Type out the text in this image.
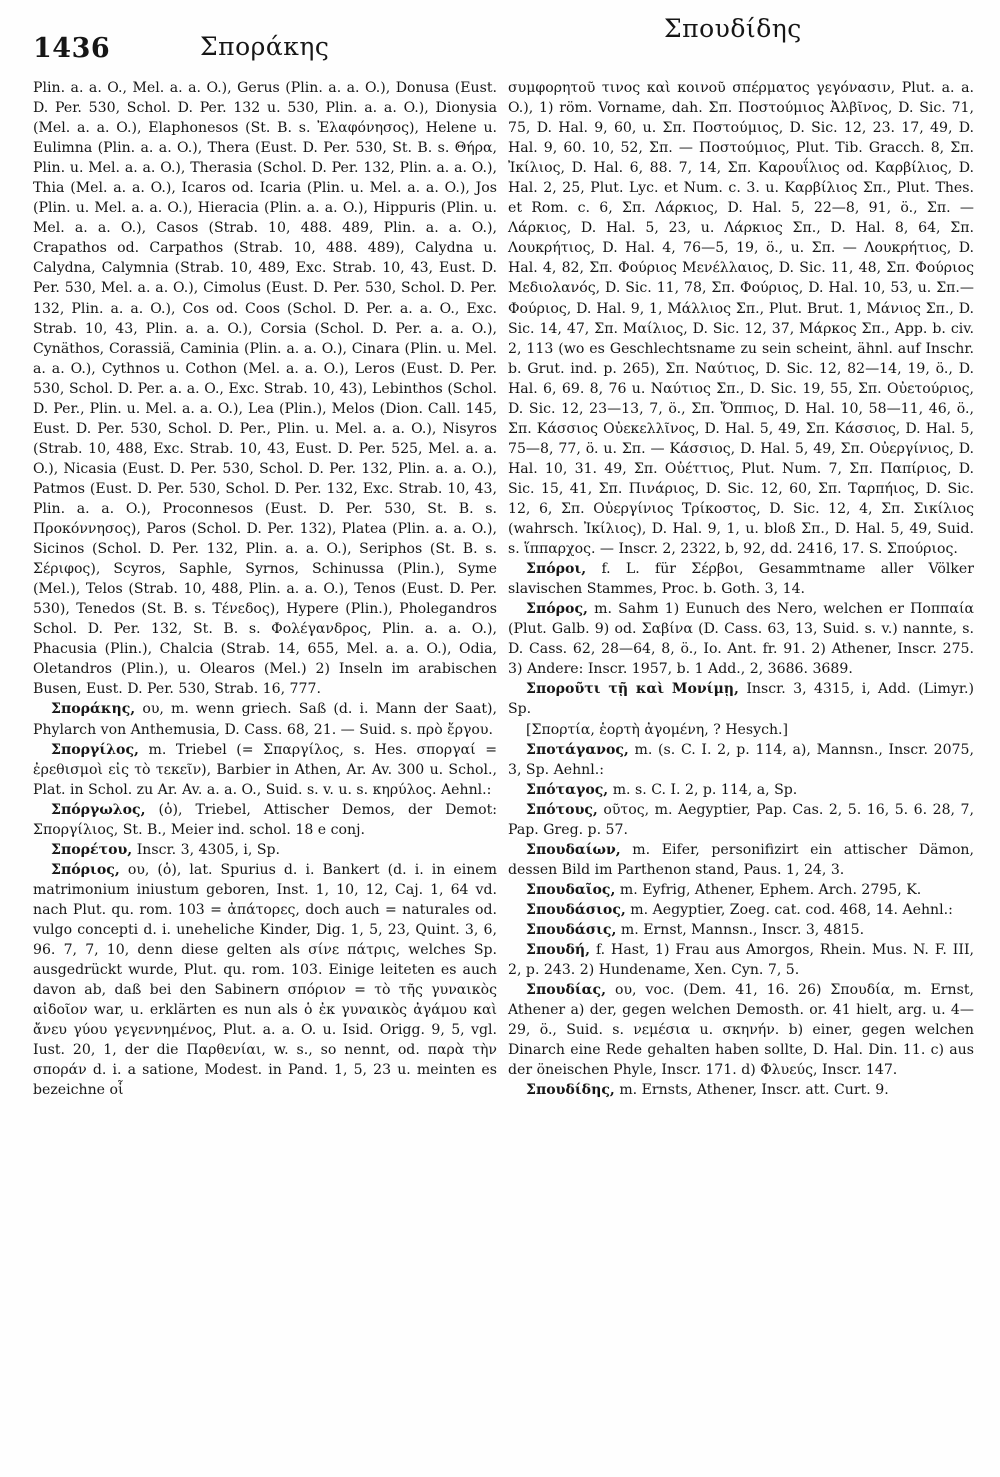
1436	Σποράκης
Σπουδίδης

Plin. a. a. O., Mel. a. a. O.), Gerus (Plin. a. a. O.), Donusa (Eust. D. Per. 530, Schol. D. Per. 132 u. 530, Plin. a. a. O.), Dionysia (Mel. a. a. O.), Elaphonesos (St. B. s. Ἐλαφόνησος), Helene u. Eulimna (Plin. a. a. O.), Thera (Eust. D. Per. 530, St. B. s. Θήρα, Plin. u. Mel. a. a. O.), Therasia (Schol. D. Per. 132, Plin. a. a. O.), Thia (Mel. a. a. O.), Icaros od. Icaria (Plin. u. Mel. a. a. O.), Jos (Plin. u. Mel. a. a. O.), Hieracia (Plin. a. a. O.), Hippuris (Plin. u. Mel. a. a. O.), Casos (Strab. 10, 488. 489, Plin. a. a. O.), Crapathos od. Carpathos (Strab. 10, 488. 489), Calydna u. Calydna, Calymnia (Strab. 10, 489, Exc. Strab. 10, 43, Eust. D. Per. 530, Mel. a. a. O.), Cimolus (Eust. D. Per. 530, Schol. D. Per. 132, Plin. a. a. O.), Cos od. Coos (Schol. D. Per. a. a. O., Exc. Strab. 10, 43, Plin. a. a. O.), Corsia (Schol. D. Per. a. a. O.), Cynäthos, Corassiä, Caminia (Plin. a. a. O.), Cinara (Plin. u. Mel. a. a. O.), Cythnos u. Cothon (Mel. a. a. O.), Leros (Eust. D. Per. 530, Schol. D. Per. a. a. O., Exc. Strab. 10, 43), Lebinthos (Schol. D. Per., Plin. u. Mel. a. a. O.), Lea (Plin.), Melos (Dion. Call. 145, Eust. D. Per. 530, Schol. D. Per., Plin. u. Mel. a. a. O.), Nisyros (Strab. 10, 488, Exc. Strab. 10, 43, Eust. D. Per. 525, Mel. a. a. O.), Nicasia (Eust. D. Per. 530, Schol. D. Per. 132, Plin. a. a. O.), Patmos (Eust. D. Per. 530, Schol. D. Per. 132, Exc. Strab. 10, 43, Plin. a. a. O.), Proconnesos (Eust. D. Per. 530, St. B. s. Προκόννησος), Paros (Schol. D. Per. 132), Platea (Plin. a. a. O.), Sicinos (Schol. D. Per. 132, Plin. a. a. O.), Seriphos (St. B. s. Σέριφος), Scyros, Saphle, Syrnos, Schinussa (Plin.), Syme (Mel.), Telos (Strab. 10, 488, Plin. a. a. O.), Tenos (Eust. D. Per. 530), Tenedos (St. B. s. Τένεδος), Hypere (Plin.), Pholegandros Schol. D. Per. 132, St. B. s. Φολέγανδρος, Plin. a. a. O.), Phacusia (Plin.), Chalcia (Strab. 14, 655, Mel. a. a. O.), Odia, Oletandros (Plin.), u. Olearos (Mel.) 2) Inseln im arabischen Busen, Eust. D. Per. 530, Strab. 16, 777.

Σποράκης, ου, m. wenn griech. Saß (d. i. Mann der Saat), Phylarch von Anthemusia, D. Cass. 68, 21. — Suid. s. πρὸ ἔργου.

Σποργίλος, m. Triebel (= Σπαργίλος, s. Hes. σποργαί = ἐρεθισμοὶ εἰς τὸ τεκεῖν), Barbier in Athen, Ar. Av. 300 u. Schol., Plat. in Schol. zu Ar. Av. a. a. O., Suid. s. v. u. s. κηρύλος. Aehnl.:

Σπόργωλος, (ὁ), Triebel, Attischer Demos, der Demot: Σποργίλιος, St. B., Meier ind. schol. 18 e conj.

Σπορέτου, Inscr. 3, 4305, i, Sp.

Σπόριος, ου, (ὁ), lat. Spurius d. i. Bankert (d. i. in einem matrimonium iniustum geboren, Inst. 1, 10, 12, Caj. 1, 64 vd. nach Plut. qu. rom. 103 = ἀπάτορες, doch auch = naturales od. vulgo concepti d. i. uneheliche Kinder, Dig. 1, 5, 23, Quint. 3, 6, 96. 7, 7, 10, denn diese gelten als σίνε πάτρις, welches Sp. ausgedrückt wurde, Plut. qu. rom. 103. Einige leiteten es auch davon ab, daß bei den Sabinern σπόριον = τὸ τῆς γυναικὸς αἰδοῖον war, u. erklärten es nun als ὁ ἐκ γυναικὸς ἀγάμου καὶ ἄνευ γύου γεγεννημένος, Plut. a. a. O. u. Isid. Origg. 9, 5, vgl. Iust. 20, 1, der die Παρθενίαι, w. s., so nennt, od. παρὰ τὴν σποράν d. i. a satione, Modest. in Pand. 1, 5, 23 u. meinten es bezeichne οἷ

συμφορητοῦ τινος καὶ κοινοῦ σπέρματος γεγόνασιν, Plut. a. a. O.), 1) röm. Vorname, dah. Σπ. Ποστούμιος Ἀλβῖνος, D. Sic. 71, 75, D. Hal. 9, 60, u. Σπ. Ποστούμιος, D. Sic. 12, 23. 17, 49, D. Hal. 9, 60. 10, 52, Σπ. — Ποστούμιος, Plut. Tib. Gracch. 8, Σπ. Ἰκίλιος, D. Hal. 6, 88. 7, 14, Σπ. Καρουΐλιος od. Καρβίλιος, D. Hal. 2, 25, Plut. Lyc. et Num. c. 3. u. Καρβίλιος Σπ., Plut. Thes. et Rom. c. 6, Σπ. Λάρκιος, D. Hal. 5, 22—8, 91, ö., Σπ. — Λάρκιος, D. Hal. 5, 23, u. Λάρκιος Σπ., D. Hal. 8, 64, Σπ. Λουκρήτιος, D. Hal. 4, 76—5, 19, ö., u. Σπ. — Λουκρήτιος, D. Hal. 4, 82, Σπ. Φούριος Μενέλλαιος, D. Sic. 11, 48, Σπ. Φούριος Μεδιολανός, D. Sic. 11, 78, Σπ. Φούριος, D. Hal. 10, 53, u. Σπ.—Φούριος, D. Hal. 9, 1, Μάλλιος Σπ., Plut. Brut. 1, Μάνιος Σπ., D. Sic. 14, 47, Σπ. Μαίλιος, D. Sic. 12, 37, Μάρκος Σπ., App. b. civ. 2, 113 (wo es Geschlechtsname zu sein scheint, ähnl. auf Inschr. b. Grut. ind. p. 265), Σπ. Ναύτιος, D. Sic. 12, 82—14, 19, ö., D. Hal. 6, 69. 8, 76 u. Ναύτιος Σπ., D. Sic. 19, 55, Σπ. Οὐετούριος, D. Sic. 12, 23—13, 7, ö., Σπ. Ὄππιος, D. Hal. 10, 58—11, 46, ö., Σπ. Κάσσιος Οὐεκελλῖνος, D. Hal. 5, 49, Σπ. Κάσσιος, D. Hal. 5, 75—8, 77, ö. u. Σπ. — Κάσσιος, D. Hal. 5, 49, Σπ. Οὐεργίνιος, D. Hal. 10, 31. 49, Σπ. Οὐέττιος, Plut. Num. 7, Σπ. Παπίριος, D. Sic. 15, 41, Σπ. Πινάριος, D. Sic. 12, 60, Σπ. Ταρπήιος, D. Sic. 12, 6, Σπ. Οὐεργίνιος Τρίκοστος, D. Sic. 12, 4, Σπ. Σικίλιος (wahrsch. Ἰκίλιος), D. Hal. 9, 1, u. bloß Σπ., D. Hal. 5, 49, Suid. s. ἵππαρχος. — Inscr. 2, 2322, b, 92, dd. 2416, 17. S. Σπούριος.

Σπόροι, f. L. für Σέρβοι, Gesammtname aller Völker slavischen Stammes, Proc. b. Goth. 3, 14.

Σπόρος, m. Sahm 1) Eunuch des Nero, welchen er Ποππαία (Plut. Galb. 9) od. Σαβίνα (D. Cass. 63, 13, Suid. s. v.) nannte, s. D. Cass. 62, 28—64, 8, ö., Io. Ant. fr. 91. 2) Athener, Inscr. 275. 3) Andere: Inscr. 1957, b. 1 Add., 2, 3686. 3689.

Σποροῦτι τῇ καὶ Μονίμῃ, Inscr. 3, 4315, i, Add. (Limyr.) Sp.

[Σπορτία, ἑορτὴ ἀγομένη, ? Hesych.]

Σποτάγανος, m. (s. C. I. 2, p. 114, a), Mannsn., Inscr. 2075, 3, Sp. Aehnl.:

Σπόταγος, m. s. C. I. 2, p. 114, a, Sp.

Σπότους, οῦτος, m. Aegyptier, Pap. Cas. 2, 5. 16, 5. 6. 28, 7, Pap. Greg. p. 57.

Σπουδαίων, m. Eifer, personifizirt ein attischer Dämon, dessen Bild im Parthenon stand, Paus. 1, 24, 3.

Σπουδαῖος, m. Eyfrig, Athener, Ephem. Arch. 2795, K.

Σπουδάσιος, m. Aegyptier, Zoeg. cat. cod. 468, 14. Aehnl.:

Σπουδάσις, m. Ernst, Mannsn., Inscr. 3, 4815.

Σπουδή, f. Hast, 1) Frau aus Amorgos, Rhein. Mus. N. F. III, 2, p. 243. 2) Hundename, Xen. Cyn. 7, 5.

Σπουδίας, ου, voc. (Dem. 41, 16. 26) Σπουδία, m. Ernst, Athener a) der, gegen welchen Demosth. or. 41 hielt, arg. u. 4—29, ö., Suid. s. νεμέσια u. σκηνήν. b) einer, gegen welchen Dinarch eine Rede gehalten haben sollte, D. Hal. Din. 11. c) aus der öneischen Phyle, Inscr. 171. d) Φλυεύς, Inscr. 147.

Σπουδίδης, m. Ernsts, Athener, Inscr. att. Curt. 9.
